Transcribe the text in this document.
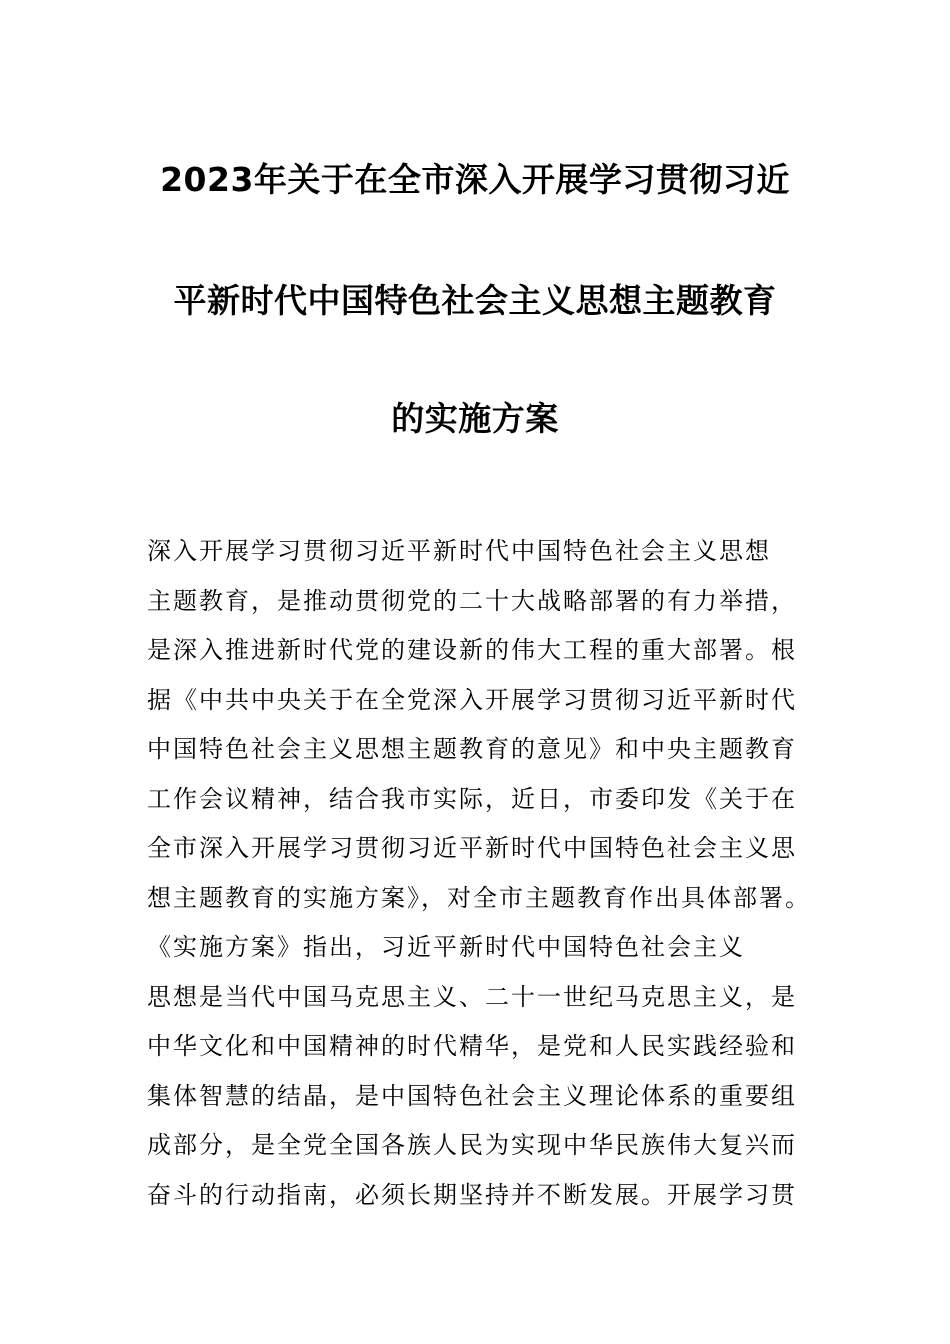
2023年关于在全市深入开展学习贯彻习近
平新时代中国特色社会主义思想主题教育
的实施方案
深入开展学习贯彻习近平新时代中国特色社会主义思想
主题教育，是推动贯彻党的二十大战略部署的有力举措，
是深入推进新时代党的建设新的伟大工程的重大部署。根
据《中共中央关于在全党深入开展学习贯彻习近平新时代
中国特色社会主义思想主题教育的意见》和中央主题教育
工作会议精神，结合我市实际，近日，市委印发《关于在
全市深入开展学习贯彻习近平新时代中国特色社会主义思
想主题教育的实施方案》，对全市主题教育作出具体部署。
《实施方案》指出，习近平新时代中国特色社会主义
思想是当代中国马克思主义、二十一世纪马克思主义，是
中华文化和中国精神的时代精华，是党和人民实践经验和
集体智慧的结晶，是中国特色社会主义理论体系的重要组
成部分，是全党全国各族人民为实现中华民族伟大复兴而
奋斗的行动指南，必须长期坚持并不断发展。开展学习贯
